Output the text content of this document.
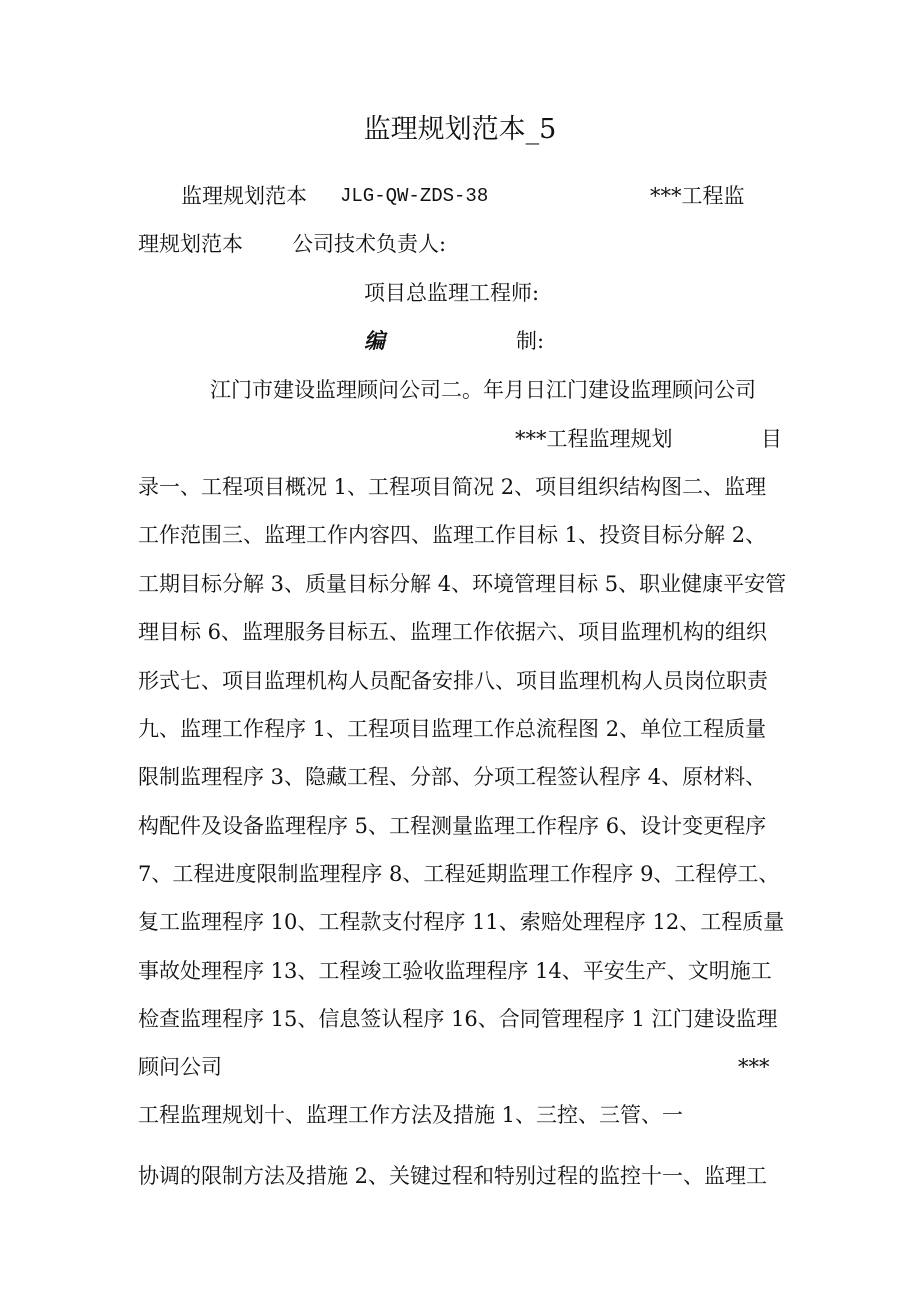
监理规划范本_5
监理规划范本 JLG-QW-ZDS-38	***工程监
理规划范本 公司技术负责人:
项目总监理工程师:
编	制:
江门市建设监理顾问公司二。年月日江门建设监理顾问公司
***工程监理规划	目
录一、工程项目概况 1、工程项目简况 2、项目组织结构图二、监理
工作范围三、监理工作内容四、监理工作目标 1、投资目标分解 2、
工期目标分解 3、质量目标分解 4、环境管理目标 5、职业健康平安管
理目标 6、监理服务目标五、监理工作依据六、项目监理机构的组织
形式七、项目监理机构人员配备安排八、项目监理机构人员岗位职责
九、监理工作程序 1、工程项目监理工作总流程图 2、单位工程质量
限制监理程序 3、隐藏工程、分部、分项工程签认程序 4、原材料、
构配件及设备监理程序 5、工程测量监理工作程序 6、设计变更程序
7、工程进度限制监理程序 8、工程延期监理工作程序 9、工程停工、
复工监理程序 10、工程款支付程序 11、索赔处理程序 12、工程质量
事故处理程序 13、工程竣工验收监理程序 14、平安生产、文明施工
检查监理程序 15、信息签认程序 16、合同管理程序 1 江门建设监理
顾问公司	***
工程监理规划十、监理工作方法及措施 1、三控、三管、一
协调的限制方法及措施 2、关键过程和特别过程的监控十一、监理工
